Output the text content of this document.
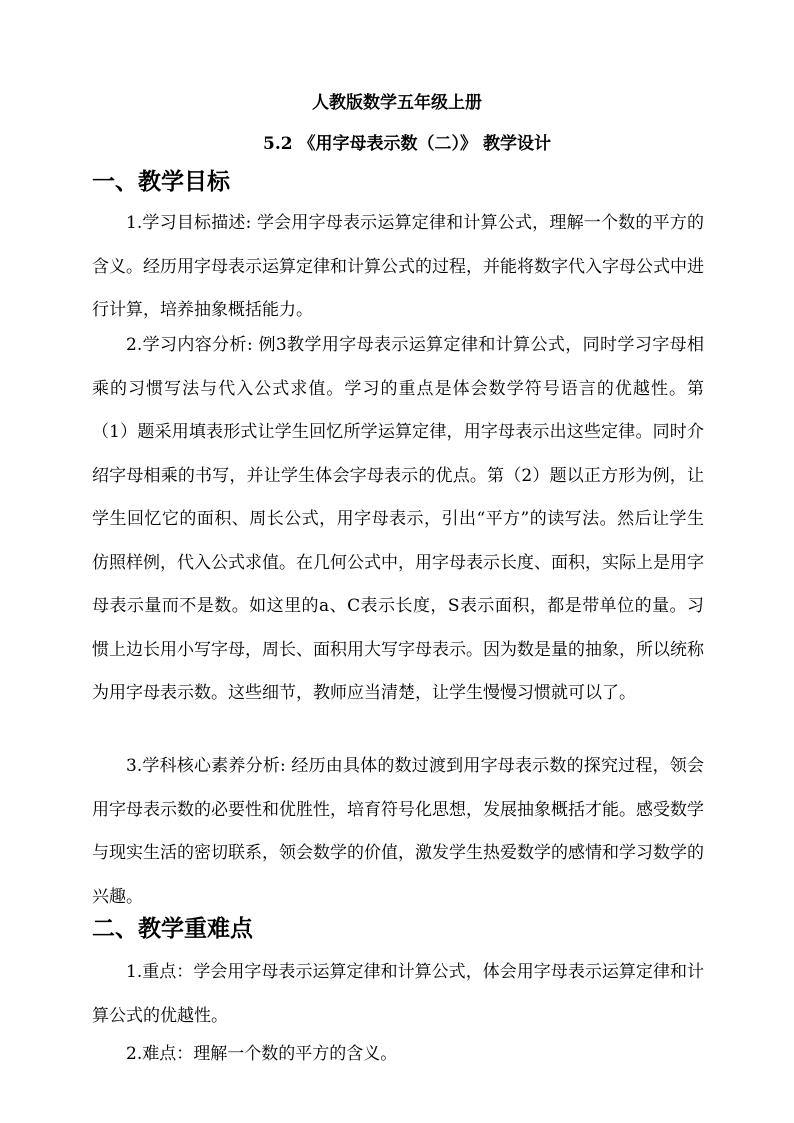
人教版数学五年级上册
5.2 《用字母表示数（二）》 教学设计
一、教学目标

1.学习目标描述: 学会用字母表示运算定律和计算公式，理解一个数的平方的含义。经历用字母表示运算定律和计算公式的过程，并能将数字代入字母公式中进行计算，培养抽象概括能力。

2.学习内容分析: 例3教学用字母表示运算定律和计算公式，同时学习字母相乘的习惯写法与代入公式求值。学习的重点是体会数学符号语言的优越性。第（1）题采用填表形式让学生回忆所学运算定律，用字母表示出这些定律。同时介绍字母相乘的书写，并让学生体会字母表示的优点。第（2）题以正方形为例，让学生回忆它的面积、周长公式，用字母表示，引出“平方”的读写法。然后让学生仿照样例，代入公式求值。在几何公式中，用字母表示长度、面积，实际上是用字母表示量而不是数。如这里的a、C表示长度，S表示面积，都是带单位的量。习惯上边长用小写字母，周长、面积用大写字母表示。因为数是量的抽象，所以统称为用字母表示数。这些细节，教师应当清楚，让学生慢慢习惯就可以了。

3.学科核心素养分析: 经历由具体的数过渡到用字母表示数的探究过程，领会用字母表示数的必要性和优胜性，培育符号化思想，发展抽象概括才能。感受数学与现实生活的密切联系，领会数学的价值，激发学生热爱数学的感情和学习数学的兴趣。

二、教学重难点

1.重点：学会用字母表示运算定律和计算公式，体会用字母表示运算定律和计算公式的优越性。

2.难点：理解一个数的平方的含义。
